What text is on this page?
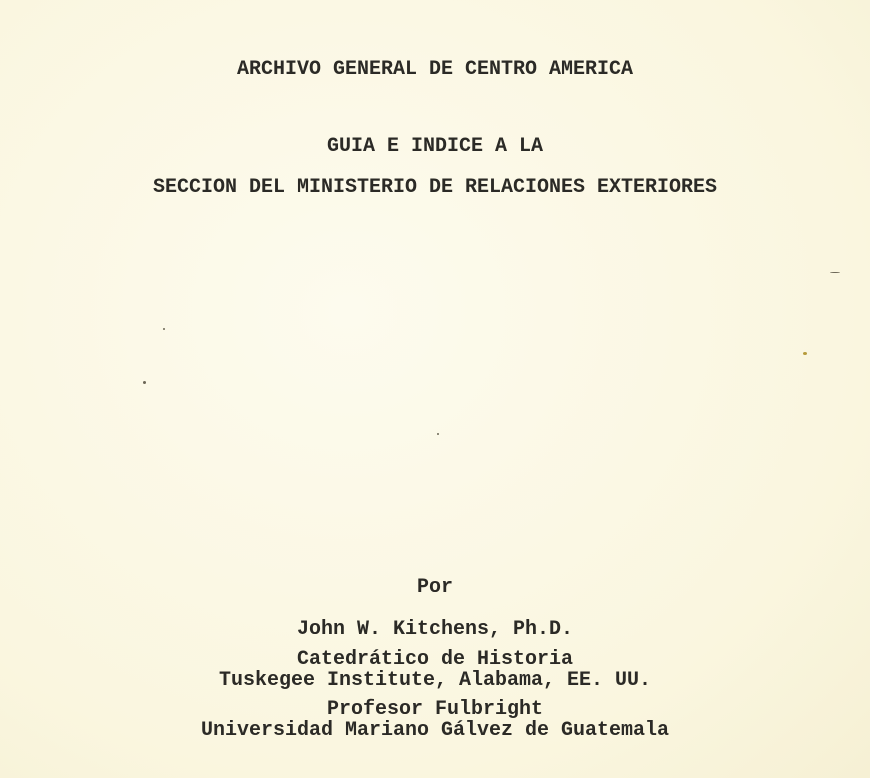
ARCHIVO GENERAL DE CENTRO AMERICA
GUIA E INDICE A LA
SECCION DEL MINISTERIO DE RELACIONES EXTERIORES
Por
John W. Kitchens, Ph.D.
Catedrático de Historia
Tuskegee Institute, Alabama, EE. UU.
Profesor Fulbright
Universidad Mariano Gálvez de Guatemala
